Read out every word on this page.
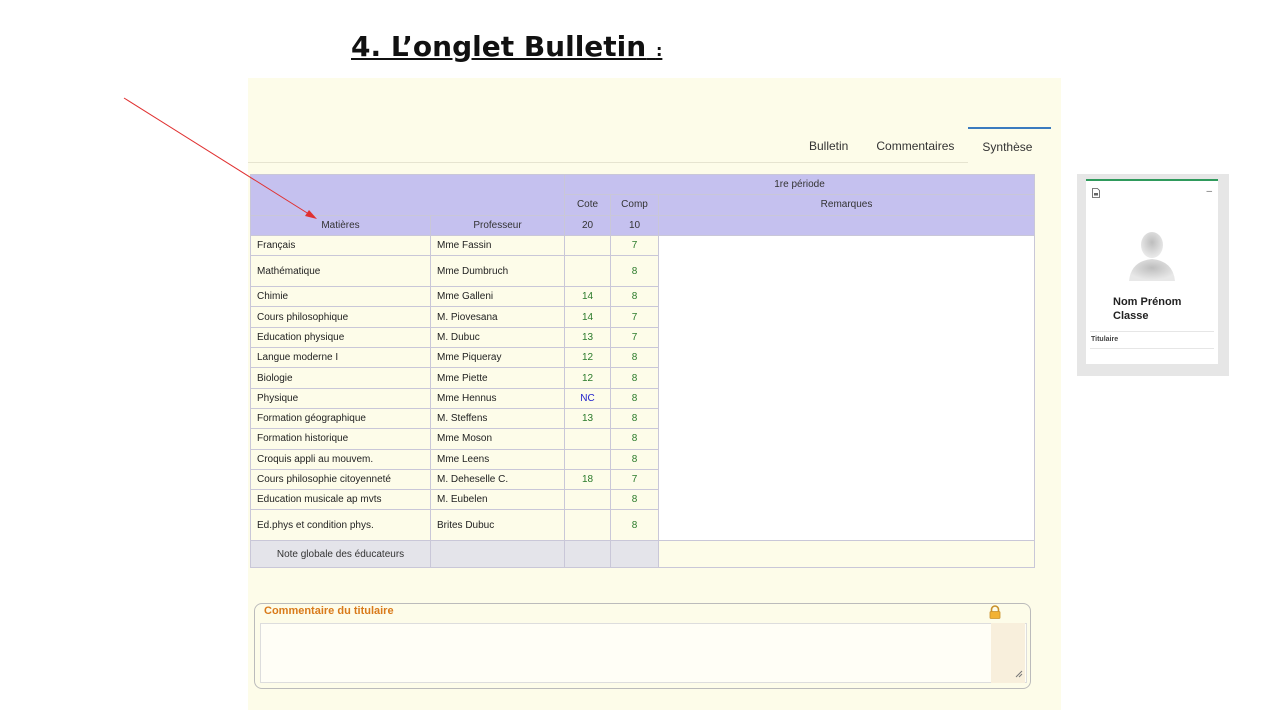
4. L’onglet Bulletin :
Bulletin	Commentaires	Synthèse
		1re période		
		Cote	Comp	Remarques
Matières	Professeur	20	10	
Français	Mme Fassin		7	
Mathématique	Mme Dumbruch		8	
Chimie	Mme Galleni	14	8	
Cours philosophique	M. Piovesana	14	7	
Education physique	M. Dubuc	13	7	
Langue moderne I	Mme Piqueray	12	8	
Biologie	Mme Piette	12	8	
Physique	Mme Hennus	NC	8	
Formation géographique	M. Steffens	13	8	
Formation historique	Mme Moson		8	
Croquis appli au mouvem.	Mme Leens		8	
Cours philosophie citoyenneté	M. Deheselle C.	18	7	
Education musicale ap mvts	M. Eubelen		8	
Ed.phys et condition phys.	Brites Dubuc		8	
Note globale des éducateurs				
Commentaire du titulaire
–
Nom Prénom
Classe
Titulaire
